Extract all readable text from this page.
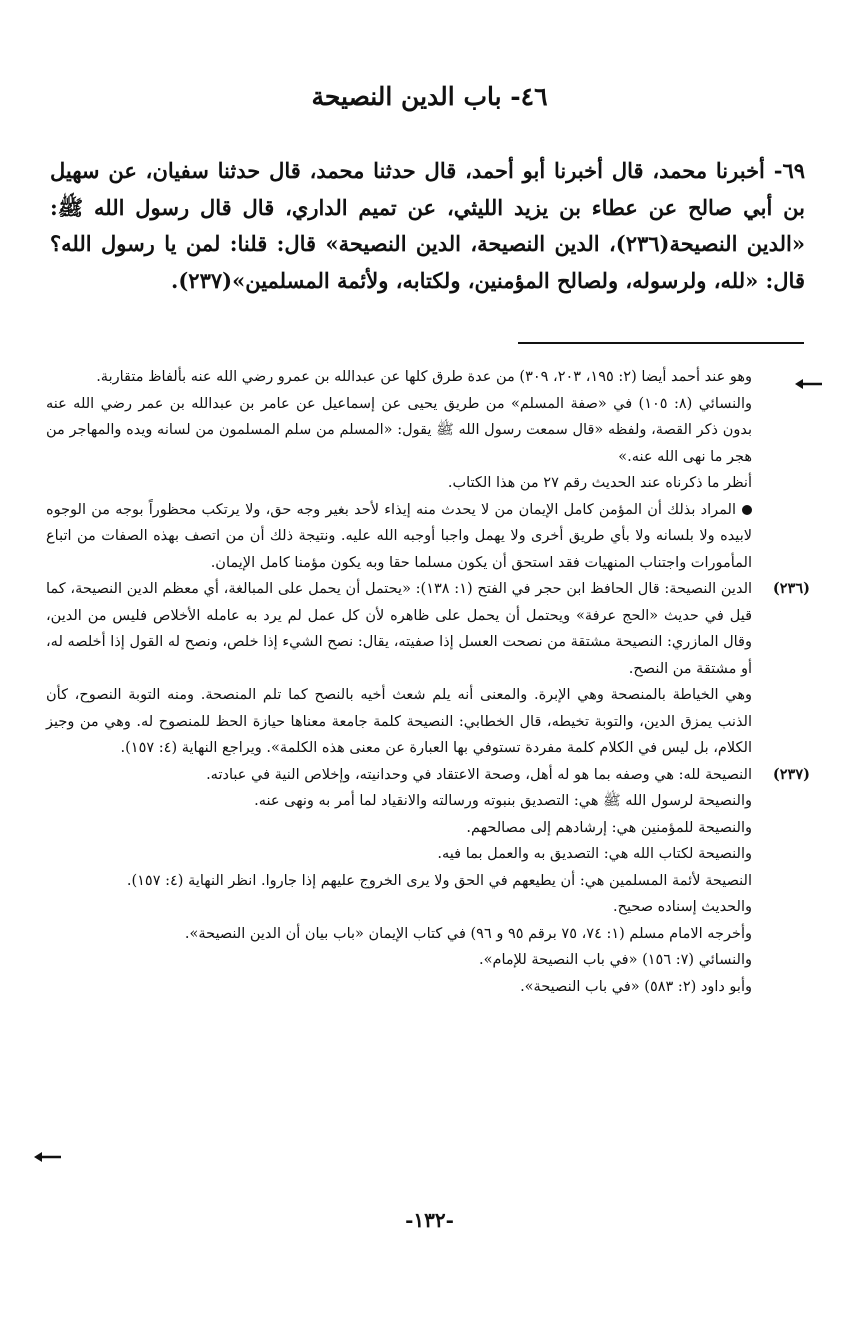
٤٦- باب الدين النصيحة
٦٩- أخبرنا محمد، قال أخبرنا أبو أحمد، قال حدثنا محمد، قال حدثنا سفيان، عن سهيل بن أبي صالح عن عطاء بن يزيد الليثي، عن تميم الداري، قال قال رسول الله ﷺ: «الدين النصيحة(٢٣٦)، الدين النصيحة، الدين النصيحة» قال: قلنا: لمن يا رسول الله؟ قال: «لله، ولرسوله، ولصالح المؤمنين، ولكتابه، ولأئمة المسلمين»(٢٣٧).

وهو عند أحمد أيضا (٢: ١٩٥، ٢٠٣، ٣٠٩) من عدة طرق كلها عن عبدالله بن عمرو رضي الله عنه بألفاظ متقاربة.

والنسائي (٨: ١٠٥) في «صفة المسلم» من طريق يحيى عن إسماعيل عن عامر بن عبدالله بن عمر رضي الله عنه بدون ذكر القصة، ولفظه «قال سمعت رسول الله ﷺ يقول: «المسلم من سلم المسلمون من لسانه ويده والمهاجر من هجر ما نهى الله عنه.»

أنظر ما ذكرناه عند الحديث رقم ٢٧ من هذا الكتاب.

المراد بذلك أن المؤمن كامل الإيمان من لا يحدث منه إيذاء لأحد بغير وجه حق، ولا يرتكب محظوراً بوجه من الوجوه لابيده ولا بلسانه ولا بأي طريق أخرى ولا يهمل واجبا أوجبه الله عليه. ونتيجة ذلك أن من اتصف بهذه الصفات من اتباع المأمورات واجتناب المنهيات فقد استحق أن يكون مسلما حقا وبه يكون مؤمنا كامل الإيمان.

(٢٣٦)

الدين النصيحة: قال الحافظ ابن حجر في الفتح (١: ١٣٨): «يحتمل أن يحمل على المبالغة، أي معظم الدين النصيحة، كما قيل في حديث «الحج عرفة» ويحتمل أن يحمل على ظاهره لأن كل عمل لم يرد به عامله الأخلاص فليس من الدين، وقال المازري: النصيحة مشتقة من نصحت العسل إذا صفيته، يقال: نصح الشيء إذا خلص، ونصح له القول إذا أخلصه له، أو مشتقة من النصح.

وهي الخياطة بالمنصحة وهي الإبرة. والمعنى أنه يلم شعث أخيه بالنصح كما تلم المنصحة. ومنه التوبة النصوح، كأن الذنب يمزق الدين، والتوبة تخيطه، قال الخطابي: النصيحة كلمة جامعة معناها حيازة الحظ للمنصوح له. وهي من وجيز الكلام، بل ليس في الكلام كلمة مفردة تستوفي بها العبارة عن معنى هذه الكلمة». ويراجع النهاية (٤: ١٥٧).

(٢٣٧)

النصيحة لله: هي وصفه بما هو له أهل، وصحة الاعتقاد في وحدانيته، وإخلاص النية في عبادته.

والنصيحة لرسول الله ﷺ هي: التصديق بنبوته ورسالته والانقياد لما أمر به ونهى عنه.

والنصيحة للمؤمنين هي: إرشادهم إلى مصالحهم.

والنصيحة لكتاب الله هي: التصديق به والعمل بما فيه.

النصيحة لأئمة المسلمين هي: أن يطيعهم في الحق ولا يرى الخروج عليهم إذا جاروا. انظر النهاية (٤: ١٥٧).

والحديث إسناده صحيح.

وأخرجه الامام مسلم (١: ٧٤، ٧٥ برقم ٩٥ و ٩٦) في كتاب الإيمان «باب بيان أن الدين النصيحة».

والنسائي (٧: ١٥٦) «في باب النصيحة للإمام».

وأبو داود (٢: ٥٨٣) «في باب النصيحة».

-١٣٢-
